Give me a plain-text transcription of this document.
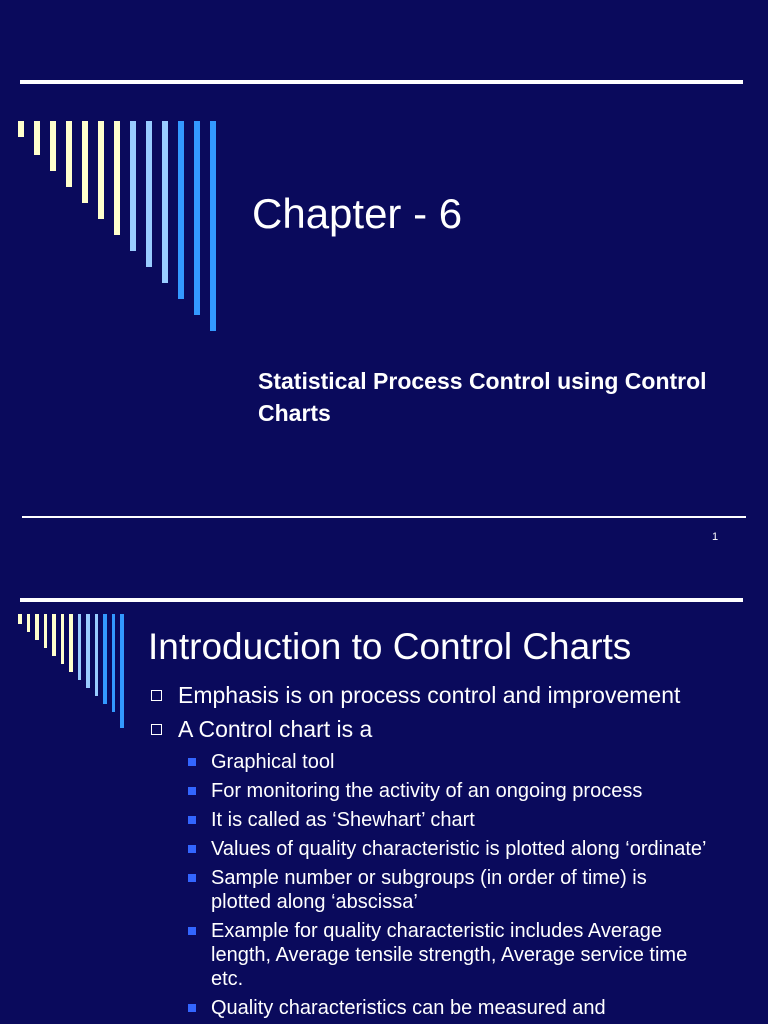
Chapter - 6
Statistical Process Control using Control Charts
1
Introduction to Control Charts
Emphasis is on process control and improvement
A Control chart is a
Graphical tool
For monitoring the activity of an ongoing process
It is called as ‘Shewhart’ chart
Values of quality characteristic is plotted along ‘ordinate’
Sample number or subgroups (in order of time) is plotted along ‘abscissa’
Example for quality characteristic includes Average length, Average tensile strength, Average service time etc.
Quality characteristics can be measured and
